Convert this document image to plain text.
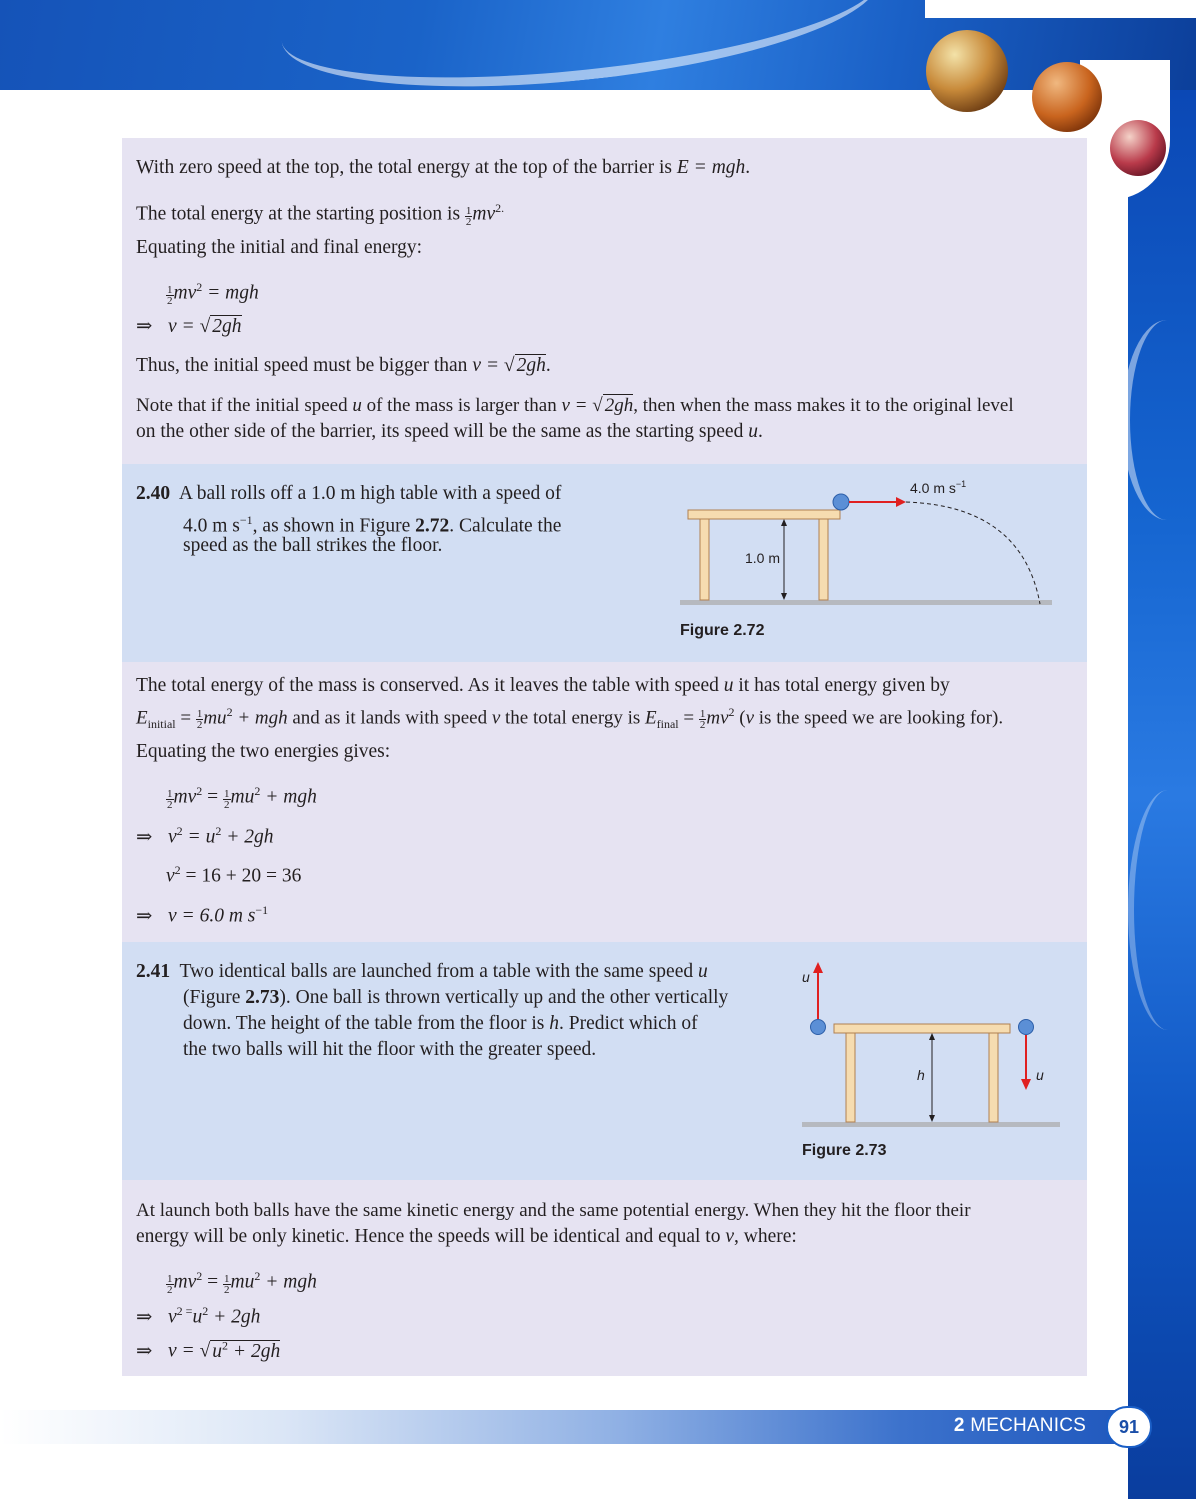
With zero speed at the top, the total energy at the top of the barrier is E = mgh.
The total energy at the starting position is $\frac{1}{2} mv^{2.}$
Equating the initial and final energy:
$\frac{1}{2} mv^2$ = mgh
⇒ v = √ 2gh
Thus, the initial speed must be bigger than v = √ 2gh.
Note that if the initial speed u of the mass is larger than v = √ 2gh, then when the mass makes it to the original level
on the other side of the barrier, its speed will be the same as the starting speed u.
2.40 A ball rolls off a 1.0 m high table with a speed of
4.0 m $s^{-1}$, as shown in Figure 2.72. Calculate the
speed as the ball strikes the floor.
1.0 m
4.0 m $s^{-1}$
Figure 2.72
The total energy of the mass is conserved. As it leaves the table with speed u it has total energy given by
$E_{initial} = \frac{1}{2} mu^2$ + mgh and as it lands with speed v the total energy is $E_{final} = \frac{1}{2} mv^2$ (v is the speed we are looking for).
Equating the two energies gives:
$\frac{1}{2} mv^2 = \frac{1}{2} mu^2$ + mgh
⇒ $v^2 = u^2 + 2gh$
$v^2 = 16 + 20 = 36$
⇒ v = 6.0 m $s^{-1}$
2.41 Two identical balls are launched from a table with the same speed u
(Figure 2.73). One ball is thrown vertically up and the other vertically
down. The height of the table from the floor is h. Predict which of
the two balls will hit the floor with the greater speed.
h
u
u
Figure 2.73
At launch both balls have the same kinetic energy and the same potential energy. When they hit the floor their
energy will be only kinetic. Hence the speeds will be identical and equal to v, where:
$\frac{1}{2} mv^2 = \frac{1}{2} mu^2$ + mgh
⇒ $v^{2 =}u^2 + 2gh$
⇒ v = √ $u^2 + 2gh$
2 MECHANICS	91
